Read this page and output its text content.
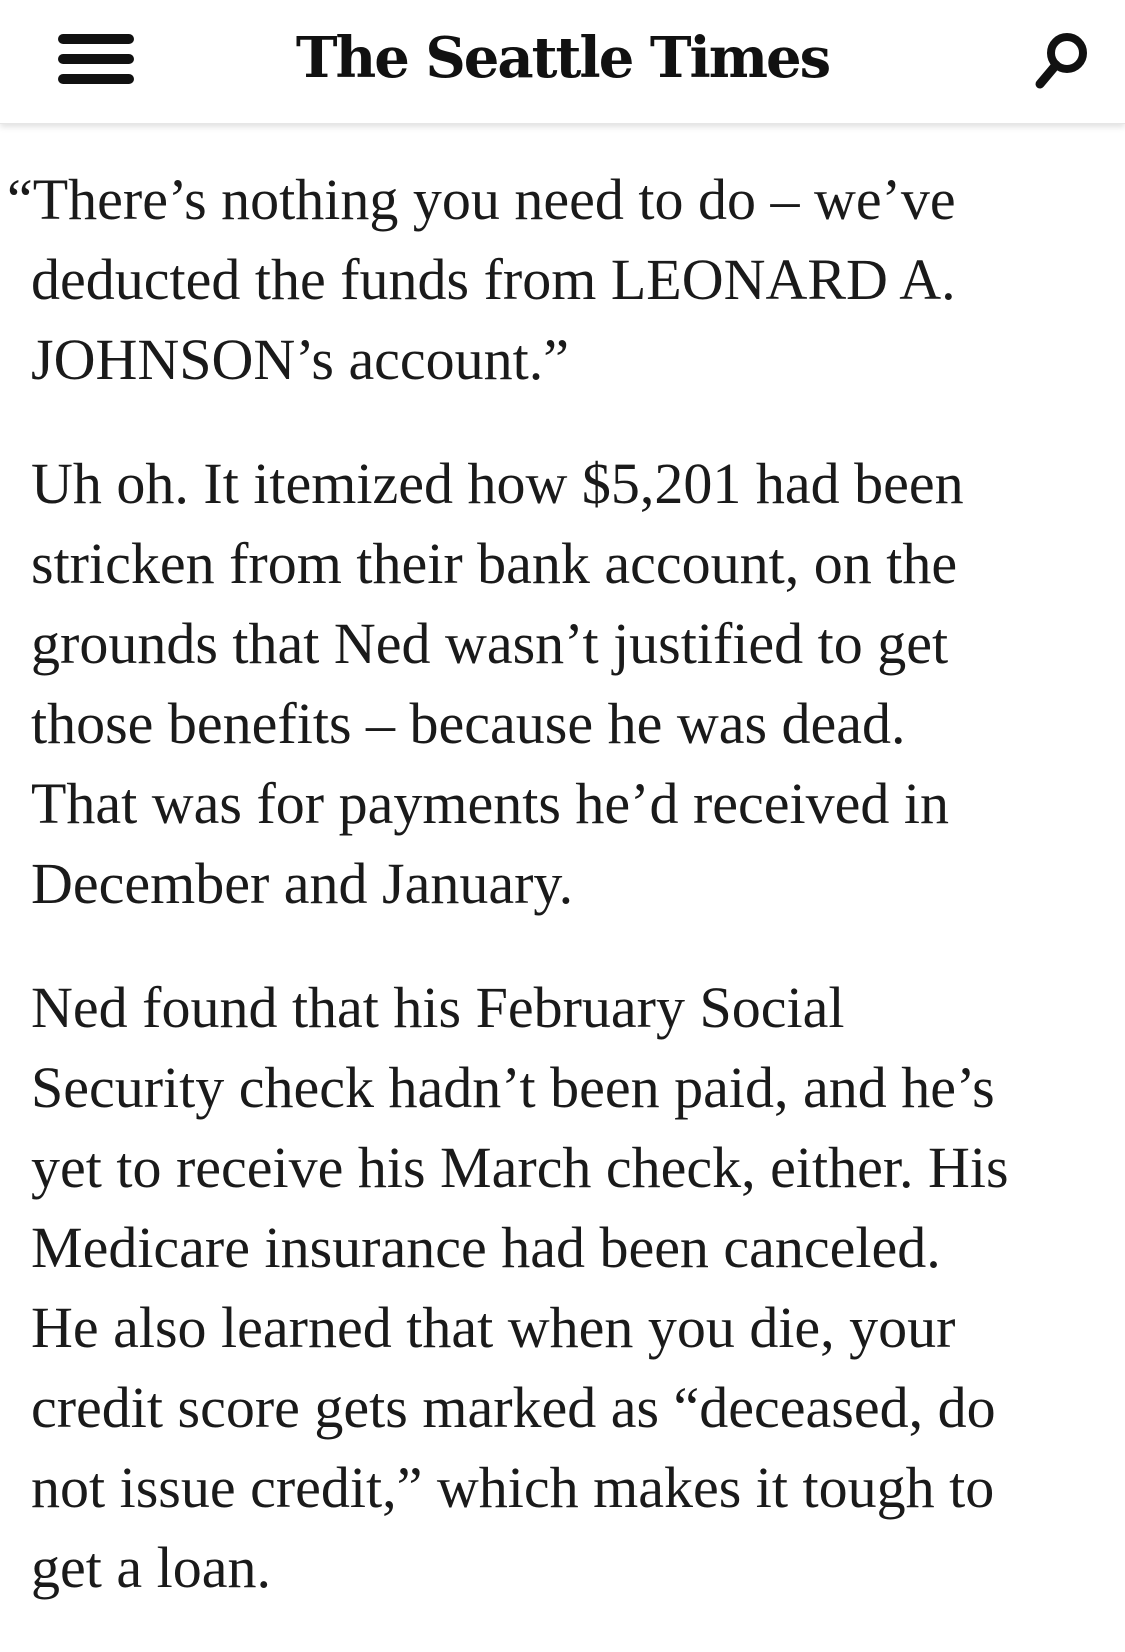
The Seattle Times

“There’s nothing you need to do – we’ve
deducted the funds from LEONARD A.
JOHNSON’s account.”

Uh oh. It itemized how $5,201 had been
stricken from their bank account, on the
grounds that Ned wasn’t justified to get
those benefits – because he was dead.
That was for payments he’d received in
December and January.

Ned found that his February Social
Security check hadn’t been paid, and he’s
yet to receive his March check, either. His
Medicare insurance had been canceled.
He also learned that when you die, your
credit score gets marked as “deceased, do
not issue credit,” which makes it tough to
get a loan.
